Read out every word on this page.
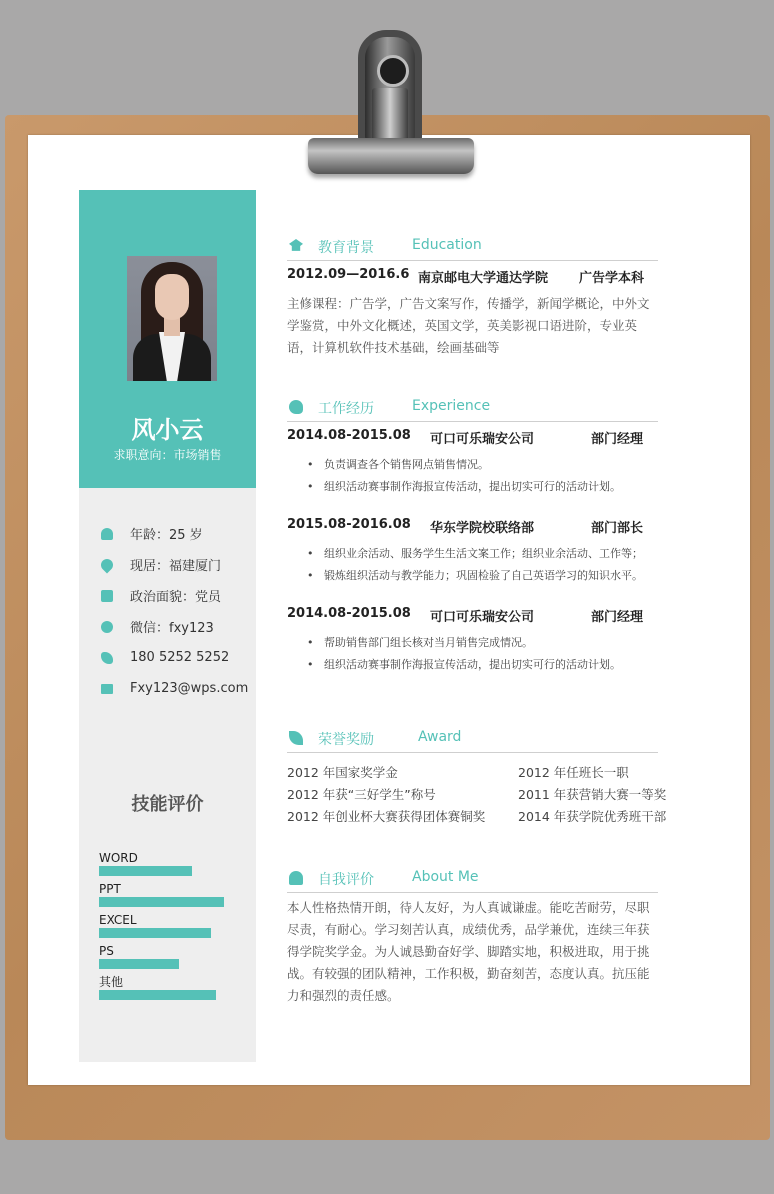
风小云
求职意向：市场销售
年龄：25 岁
现居：福建厦门
政治面貌：党员
微信：fxy123
180 5252 5252
Fxy123@wps.com
技能评价
WORD
PPT
EXCEL
PS
其他
教育背景	Education
2012.09—2016.6 南京邮电大学通达学院 广告学本科
主修课程：广告学，广告文案写作，传播学，新闻学概论，中外文学鉴赏，中外文化概述，英国文学，英美影视口语进阶，专业英语，计算机软件技术基础，绘画基础等
工作经历	Experience
2014.08-2015.08 可口可乐瑞安公司	部门经理
• 负责调查各个销售网点销售情况。
• 组织活动赛事制作海报宣传活动，提出切实可行的活动计划。
2015.08-2016.08 华东学院校联络部	部门部长
• 组织业余活动、服务学生生活文案工作；组织业余活动、工作等；
• 锻炼组织活动与教学能力；巩固检验了自己英语学习的知识水平。
2014.08-2015.08 可口可乐瑞安公司	部门经理
• 帮助销售部门组长核对当月销售完成情况。
• 组织活动赛事制作海报宣传活动，提出切实可行的活动计划。
荣誉奖励	Award
2012 年国家奖学金	2012 年任班长一职
2012 年获“三好学生”称号	2011 年获营销大赛一等奖
2012 年创业杯大赛获得团体赛铜奖	2014 年获学院优秀班干部
自我评价	About Me
本人性格热情开朗，待人友好，为人真诚谦虚。能吃苦耐劳，尽职尽责，有耐心。学习刻苦认真，成绩优秀，品学兼优，连续三年获得学院奖学金。为人诚恳勤奋好学、脚踏实地，积极进取，用于挑战。有较强的团队精神，工作积极，勤奋刻苦，态度认真。抗压能力和强烈的责任感。
